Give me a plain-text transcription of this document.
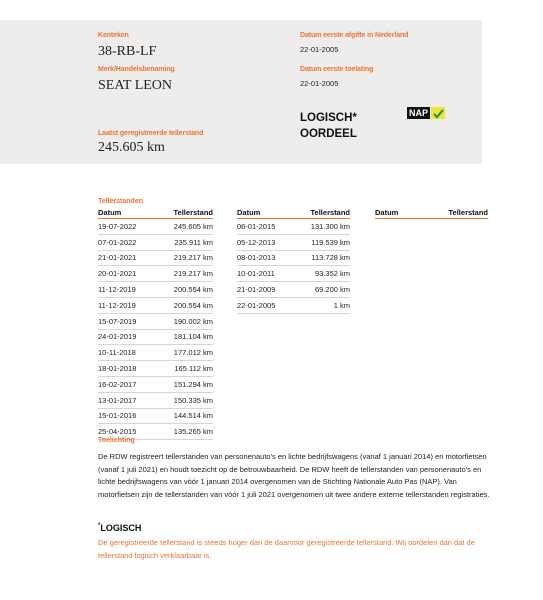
Kenteken
38-RB-LF
Merk/Handelsbenaming
SEAT LEON
Datum eerste afgifte in Nederland
22-01-2005
Datum eerste toelating
22-01-2005
LOGISCH*
OORDEEL
NAP
Laatst geregistreerde tellerstand
245.605 km
Tellerstanden
Datum	Tellerstand
19-07-2022	245.605 km
07-01-2022	235.911 km
21-01-2021	219.217 km
20-01-2021	219.217 km
11-12-2019	200.554 km
11-12-2019	200.554 km
15-07-2019	190.002 km
24-01-2019	181.104 km
10-11-2018	177.012 km
18-01-2018	165.112 km
16-02-2017	151.294 km
13-01-2017	150.335 km
15-01-2016	144.514 km
25-04-2015	135.265 km
Datum	Tellerstand
06-01-2015	131.300 km
05-12-2013	119.539 km
08-01-2013	113.728 km
10-01-2011	93.352 km
21-01-2009	69.200 km
22-01-2005	1 km
Datum	Tellerstand
Toelichting
De RDW registreert tellerstanden van personenauto's en lichte bedrijfswagens (vanaf 1 januari 2014) en motorfietsen (vanaf 1 juli 2021) en houdt toezicht op de betrouwbaarheid. De RDW heeft de tellerstanden van personenauto's en lichte bedrijfswagens van vóór 1 januari 2014 overgenomen van de Stichting Nationale Auto Pas (NAP). Van motorfietsen zijn de tellerstanden van vóór 1 juli 2021 overgenomen uit twee andere externe tellerstanden registraties.
*LOGISCH
De geregistreerde tellerstand is steeds hoger dan de daarvoor geregistreerde tellerstand. Wij oordelen dan dat de tellerstand logisch verklaarbaar is.
